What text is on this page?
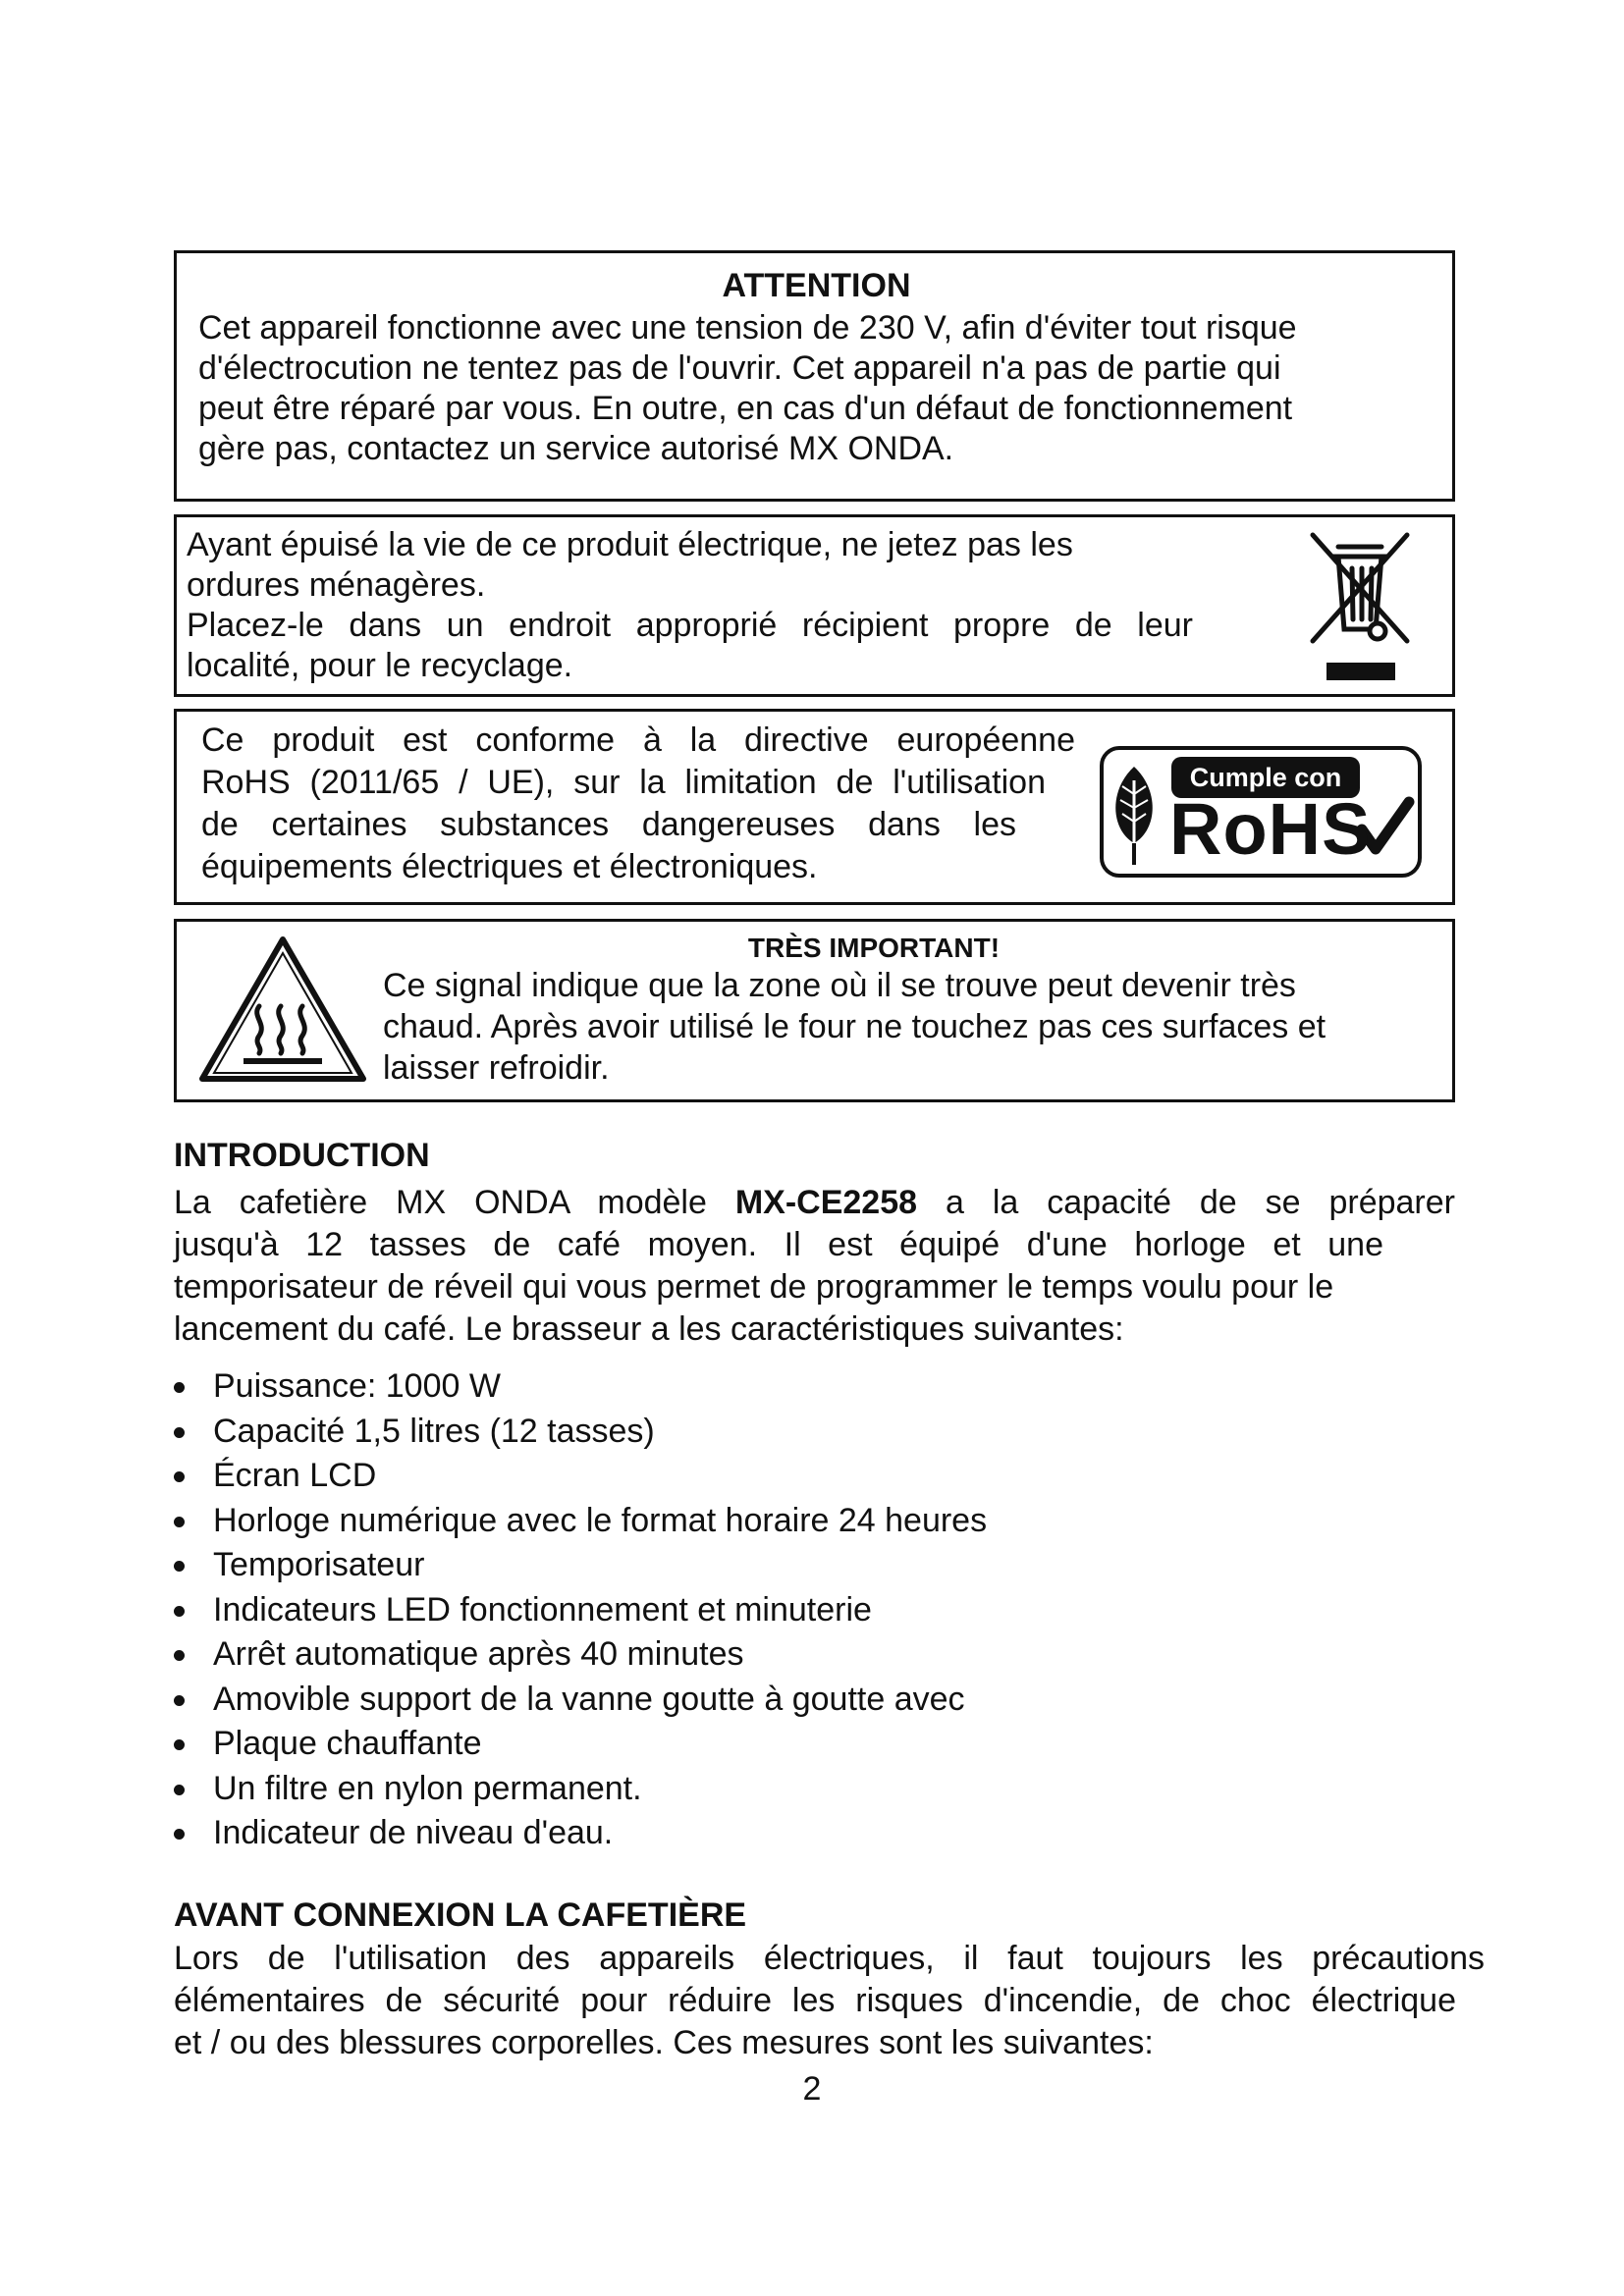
ATTENTION
Cet appareil fonctionne avec une tension de 230 V, afin d'éviter tout risque
d'électrocution ne tentez pas de l'ouvrir. Cet appareil n'a pas de partie qui
peut être réparé par vous. En outre, en cas d'un défaut de fonctionnement
gère pas, contactez un service autorisé MX ONDA.
Ayant épuisé la vie de ce produit électrique, ne jetez pas les
ordures ménagères.
Placez-le dans un endroit approprié récipient propre de leur
localité, pour le recyclage.
Ce produit est conforme à la directive européenne
RoHS (2011/65 / UE), sur la limitation de l'utilisation
de certaines substances dangereuses dans les
équipements électriques et électroniques.
Cumple con
RoHS
TRÈS IMPORTANT!
Ce signal indique que la zone où il se trouve peut devenir très
chaud. Après avoir utilisé le four ne touchez pas ces surfaces et
laisser refroidir.
INTRODUCTION
La cafetière MX ONDA modèle MX-CE2258 a la capacité de se préparer
jusqu'à 12 tasses de café moyen. Il est équipé d'une horloge et une
temporisateur de réveil qui vous permet de programmer le temps voulu pour le
lancement du café. Le brasseur a les caractéristiques suivantes:
Puissance: 1000 W
Capacité 1,5 litres (12 tasses)
Écran LCD
Horloge numérique avec le format horaire 24 heures
Temporisateur
Indicateurs LED fonctionnement et minuterie
Arrêt automatique après 40 minutes
Amovible support de la vanne goutte à goutte avec
Plaque chauffante
Un filtre en nylon permanent.
Indicateur de niveau d'eau.
AVANT CONNEXION LA CAFETIÈRE
Lors de l'utilisation des appareils électriques, il faut toujours les précautions
élémentaires de sécurité pour réduire les risques d'incendie, de choc électrique
et / ou des blessures corporelles. Ces mesures sont les suivantes:
2
